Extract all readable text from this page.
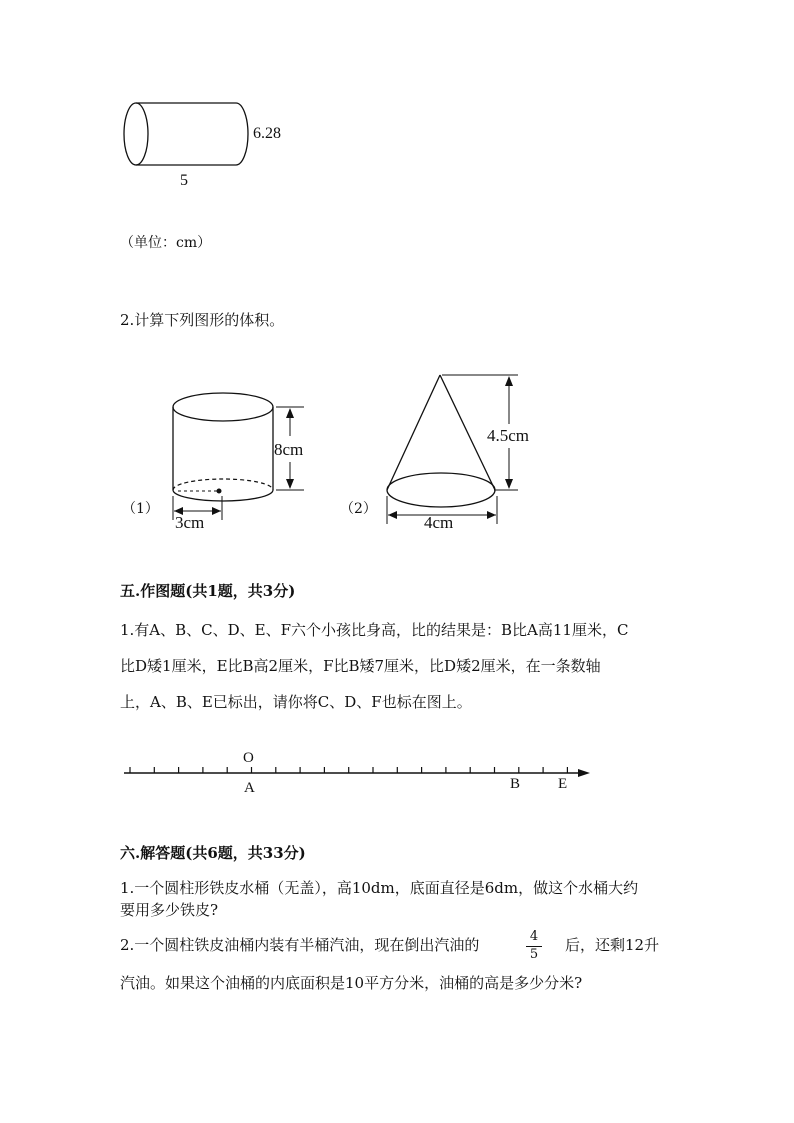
5
6.28
（单位：cm）
2.计算下列图形的体积。
（1）
8cm
3cm
（2）
4.5cm
4cm
五.作图题(共1题，共3分)
1.有A、B、C、D、E、F六个小孩比身高，比的结果是：B比A高11厘米，C
比D矮1厘米，E比B高2厘米，F比B矮7厘米，比D矮2厘米，在一条数轴
上，A、B、E已标出，请你将C、D、F也标在图上。
O
A	B	E
六.解答题(共6题，共33分)
1.一个圆柱形铁皮水桶（无盖），高10dm，底面直径是6dm，做这个水桶大约
要用多少铁皮?
2.一个圆柱铁皮油桶内装有半桶汽油，现在倒出汽油的	4
5
后，还剩12升
汽油。如果这个油桶的内底面积是10平方分米，油桶的高是多少分米?
